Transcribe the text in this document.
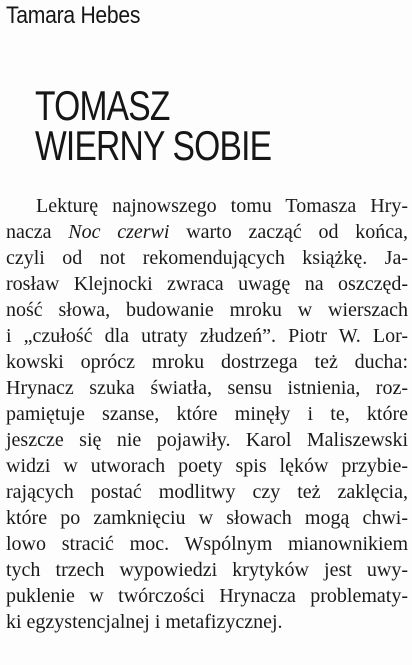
Tamara Hebes
TOMASZ
WIERNY SOBIE
Lekturę najnowszego tomu Tomasza Hry-
nacza Noc czerwi warto zacząć od końca,
czyli od not rekomendujących książkę. Ja-
rosław Klejnocki zwraca uwagę na oszczęd-
ność słowa, budowanie mroku w wierszach
i „czułość dla utraty złudzeń”. Piotr W. Lor-
kowski oprócz mroku dostrzega też ducha:
Hrynacz szuka światła, sensu istnienia, roz-
pamiętuje szanse, które minęły i te, które
jeszcze się nie pojawiły. Karol Maliszewski
widzi w utworach poety spis lęków przybie-
rających postać modlitwy czy też zaklęcia,
które po zamknięciu w słowach mogą chwi-
lowo stracić moc. Wspólnym mianownikiem
tych trzech wypowiedzi krytyków jest uwy-
puklenie w twórczości Hrynacza problematy-
ki egzystencjalnej i metafizycznej.
